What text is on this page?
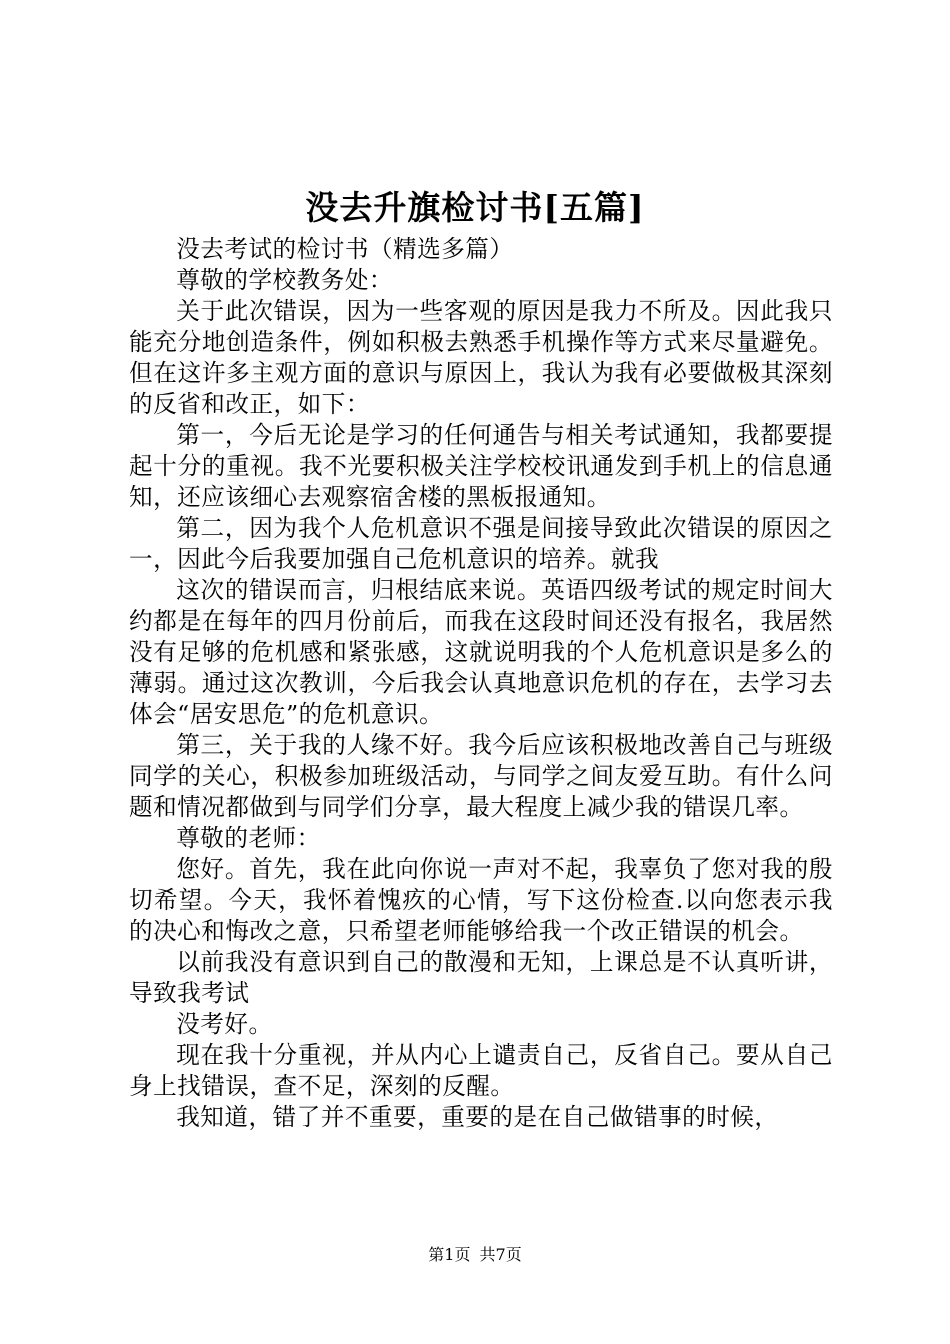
没去升旗检讨书[五篇]

没去考试的检讨书（精选多篇）

尊敬的学校教务处：

关于此次错误，因为一些客观的原因是我力不所及。因此我只能充分地创造条件，例如积极去熟悉手机操作等方式来尽量避免。但在这许多主观方面的意识与原因上，我认为我有必要做极其深刻的反省和改正，如下：

第一，今后无论是学习的任何通告与相关考试通知，我都要提起十分的重视。我不光要积极关注学校校讯通发到手机上的信息通知，还应该细心去观察宿舍楼的黑板报通知。

第二，因为我个人危机意识不强是间接导致此次错误的原因之一，因此今后我要加强自己危机意识的培养。就我

这次的错误而言，归根结底来说。英语四级考试的规定时间大约都是在每年的四月份前后，而我在这段时间还没有报名，我居然没有足够的危机感和紧张感，这就说明我的个人危机意识是多么的薄弱。通过这次教训，今后我会认真地意识危机的存在，去学习去体会“居安思危”的危机意识。

第三，关于我的人缘不好。我今后应该积极地改善自己与班级同学的关心，积极参加班级活动，与同学之间友爱互助。有什么问题和情况都做到与同学们分享，最大程度上减少我的错误几率。

尊敬的老师：

您好。首先，我在此向你说一声对不起，我辜负了您对我的殷切希望。今天，我怀着愧疚的心情，写下这份检查.以向您表示我的决心和悔改之意，只希望老师能够给我一个改正错误的机会。

以前我没有意识到自己的散漫和无知，上课总是不认真听讲，导致我考试

没考好。

现在我十分重视，并从内心上谴责自己，反省自己。要从自己身上找错误，查不足，深刻的反醒。

我知道，错了并不重要，重要的是在自己做错事的时候，

第1页 共7页
